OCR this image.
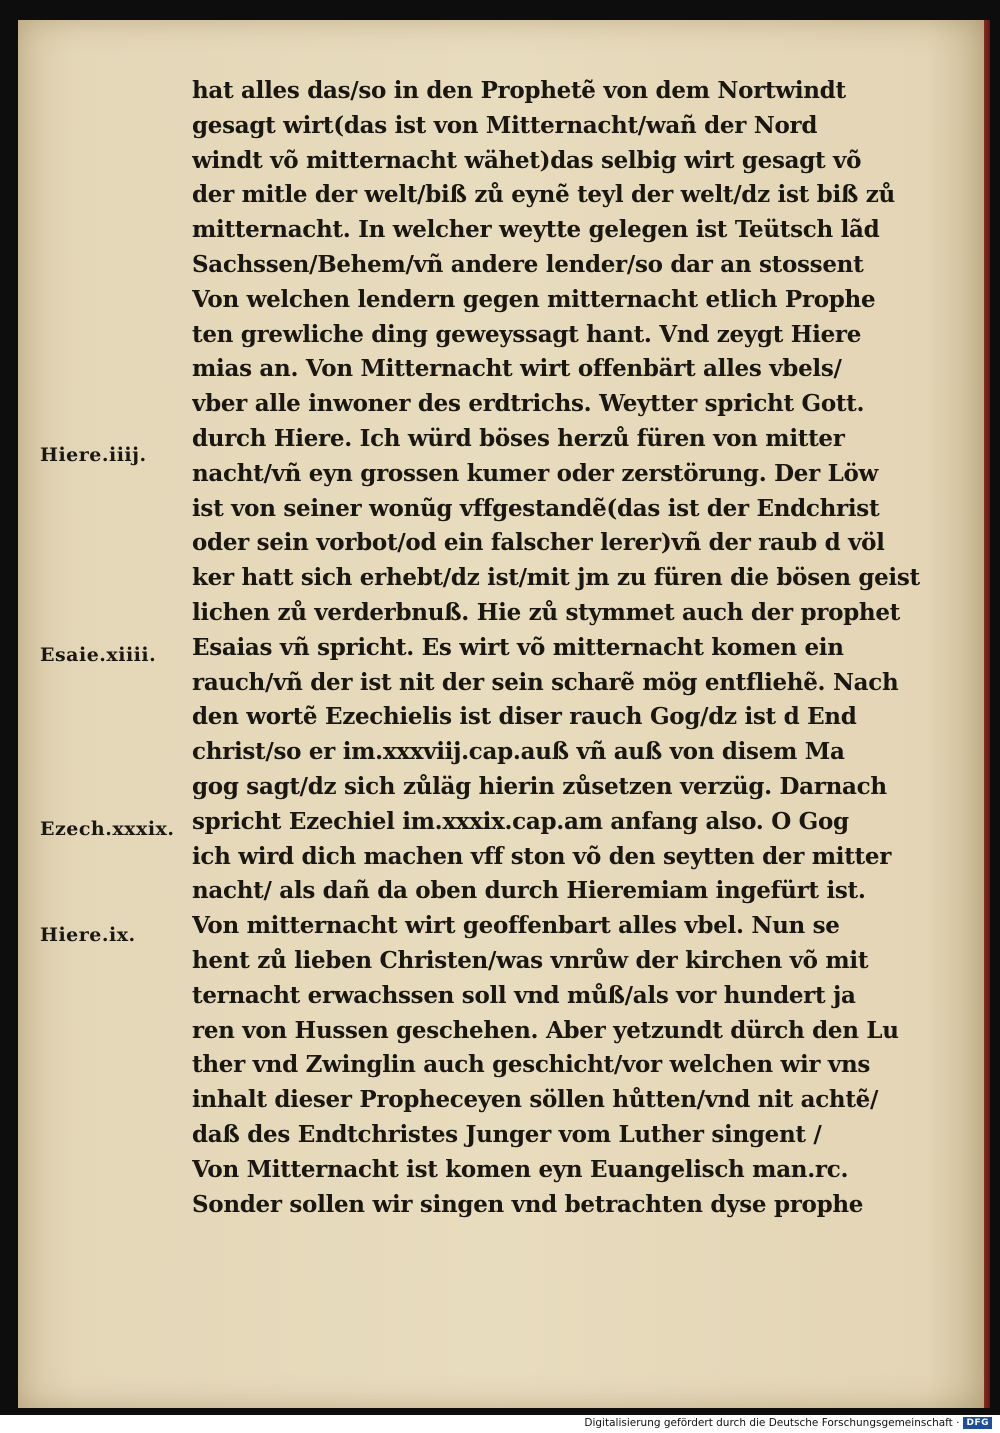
Hiere.iiij.
Esaie.xiiii.
Ezech.xxxix.
Hiere.ix.
hat alles das/so in den Prophetẽ von dem Nortwindt
gesagt wirt(das ist von Mitternacht/wañ der Nord
windt võ mitternacht wähet)das selbig wirt gesagt võ
der mitle der welt/biß zů eynẽ teyl der welt/dz ist biß zů
mitternacht. In welcher weytte gelegen ist Teütsch lãd
Sachssen/Behem/vñ andere lender/so dar an stossent
Von welchen lendern gegen mitternacht etlich Prophe
ten grewliche ding geweyssagt hant. Vnd zeygt Hiere
mias an. Von Mitternacht wirt offenbärt alles vbels/
vber alle inwoner des erdtrichs. Weytter spricht Gott.
durch Hiere. Ich würd böses herzů füren von mitter
nacht/vñ eyn grossen kumer oder zerstörung. Der Löw
ist von seiner wonũg vffgestandẽ(das ist der Endchrist
oder sein vorbot/od ein falscher lerer)vñ der raub d völ
ker hatt sich erhebt/dz ist/mit jm zu füren die bösen geist
lichen zů verderbnuß. Hie zů stymmet auch der prophet
Esaias vñ spricht. Es wirt võ mitternacht komen ein
rauch/vñ der ist nit der sein scharẽ mög entfliehẽ. Nach
den wortẽ Ezechielis ist diser rauch Gog/dz ist d End
christ/so er im.xxxviij.cap.auß vñ auß von disem Ma
gog sagt/dz sich zůläg hierin zůsetzen verzüg. Darnach
spricht Ezechiel im.xxxix.cap.am anfang also. O Gog
ich wird dich machen vff ston võ den seytten der mitter
nacht/ als dañ da oben durch Hieremiam ingefürt ist.
Von mitternacht wirt geoffenbart alles vbel. Nun se
hent zů lieben Christen/was vnrůw der kirchen võ mit
ternacht erwachssen soll vnd můß/als vor hundert ja
ren von Hussen geschehen. Aber yetzundt dürch den Lu
ther vnd Zwinglin auch geschicht/vor welchen wir vns
inhalt dieser Propheceyen söllen hůtten/vnd nit achtẽ/
daß des Endtchristes Junger vom Luther singent /
Von Mitternacht ist komen eyn Euangelisch man.rc.
Sonder sollen wir singen vnd betrachten dyse prophe
Digitalisierung gefördert durch die Deutsche Forschungsgemeinschaft · DFG
